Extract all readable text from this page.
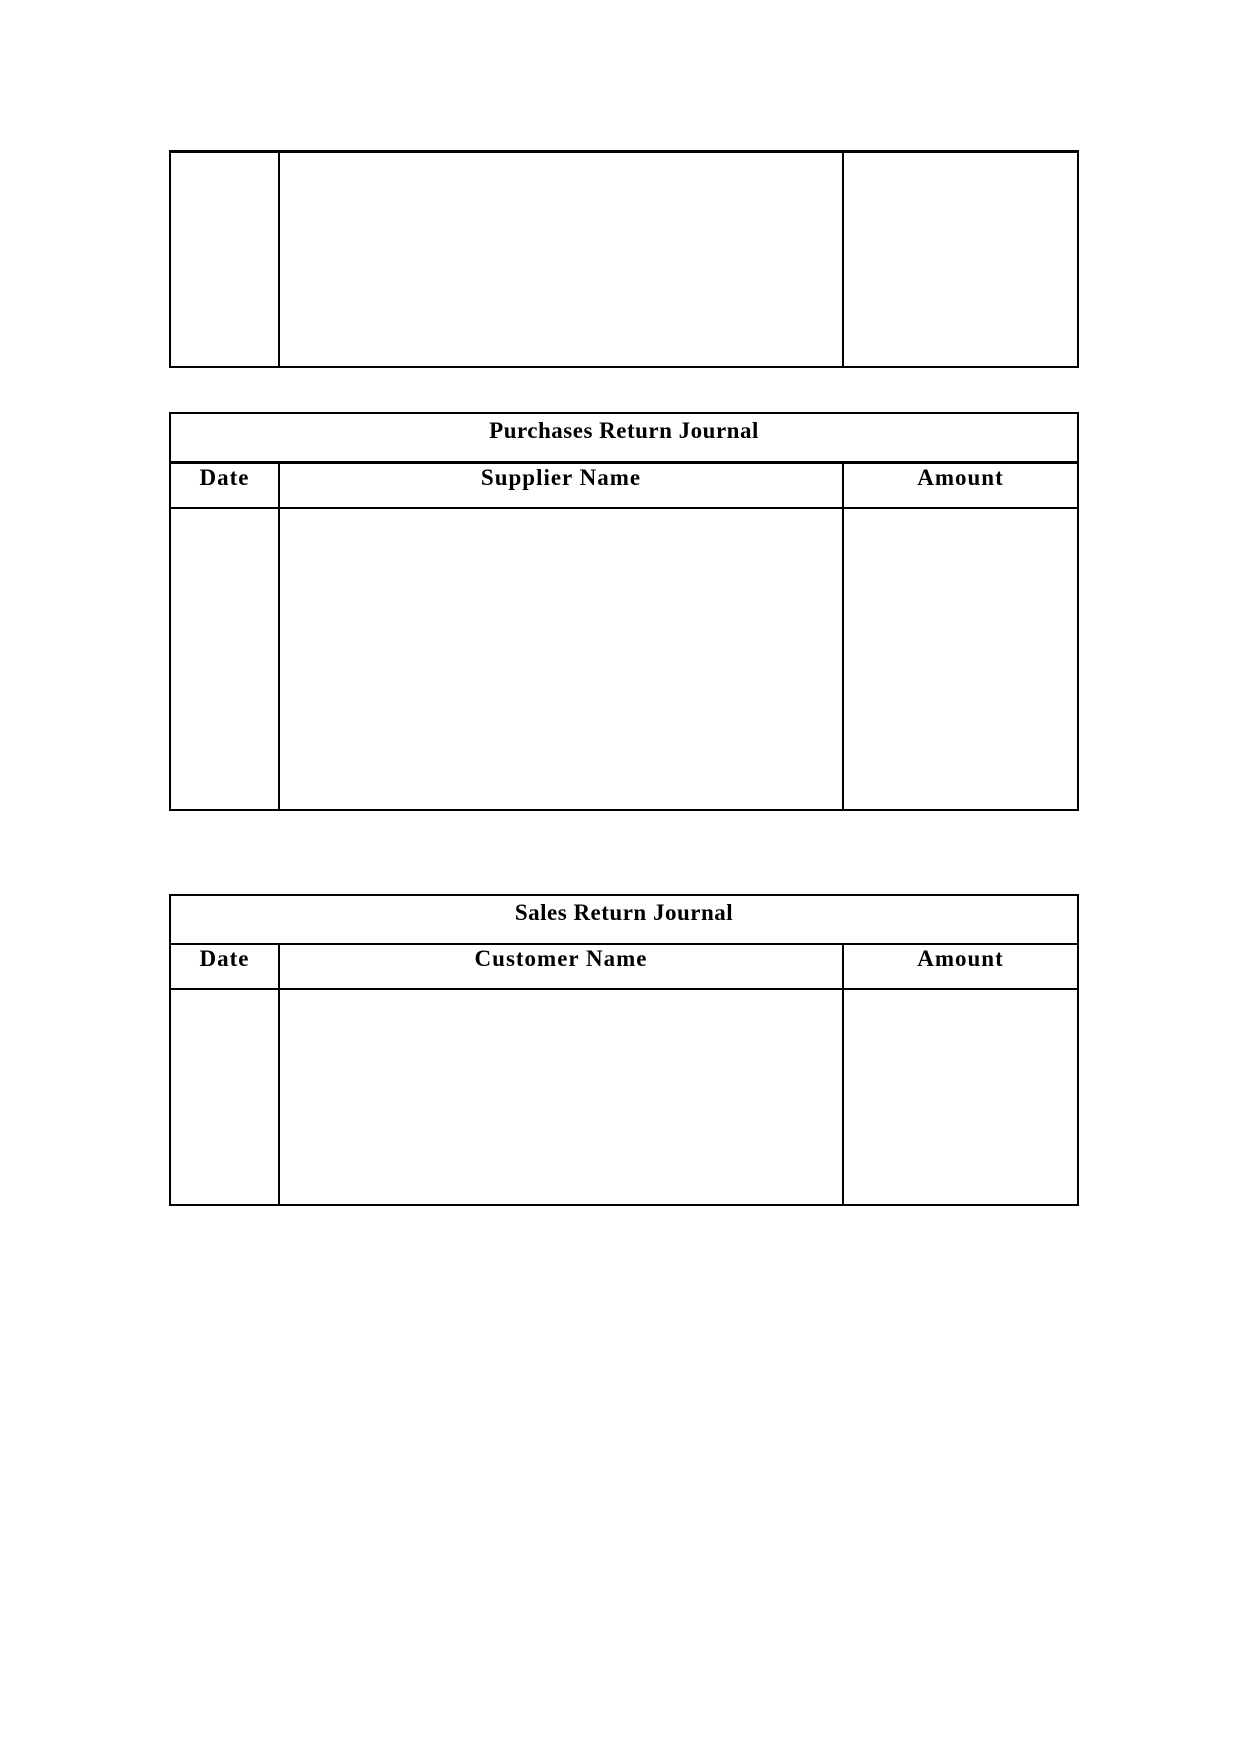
Purchases Return Journal		
Date	Supplier Name	Amount

Sales Return Journal		
Date	Customer Name	Amount
